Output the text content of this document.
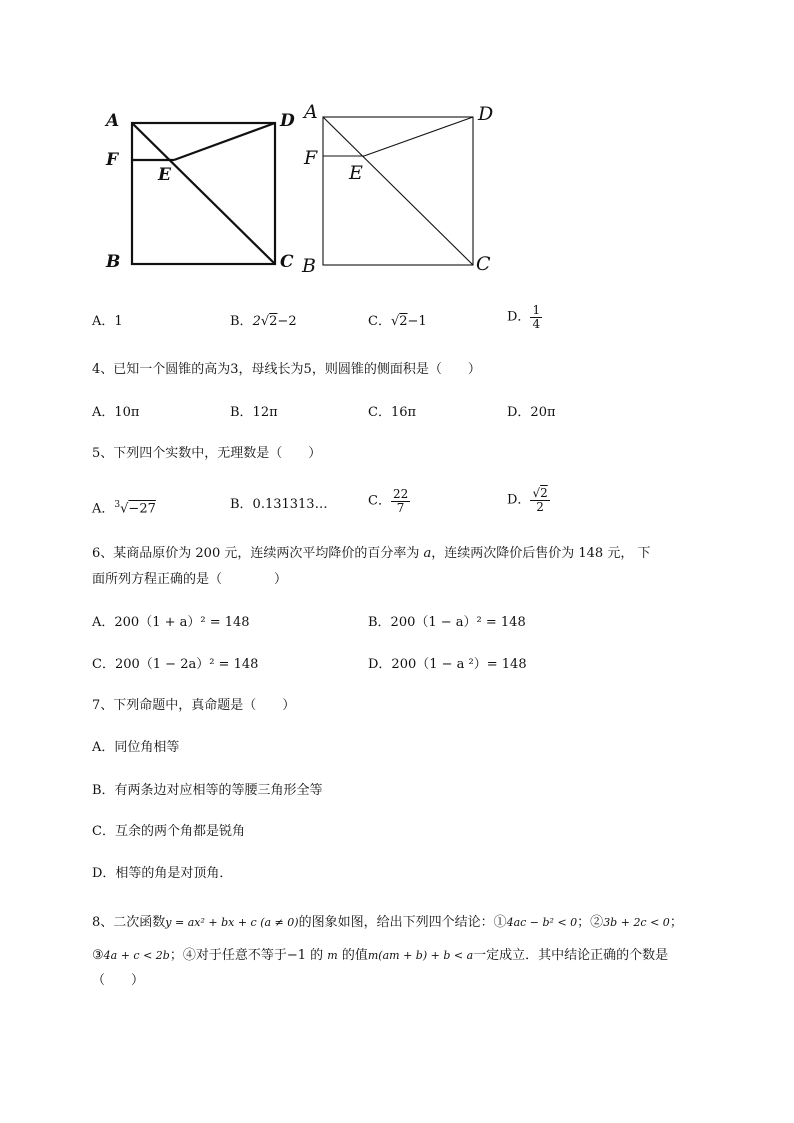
A	D
F
E
B	C
A	D
F
E
B	C
A．1	B．2√2−2	C．√2−1	D． $\frac{1}{4}$
4、已知一个圆锥的高为3，母线长为5，则圆锥的侧面积是（　　）
A．10π	B．12π	C．16π	D．20π
5、下列四个实数中，无理数是（　　）
A．$^3$√−27	B．0.131313…	C． $\frac{22}{7}$	D． $\frac{√2}{2}$
6、某商品原价为 200 元，连续两次平均降价的百分率为 a，连续两次降价后售价为 148 元， 下
面所列方程正确的是（　　　　）
A．200（1 + a）² = 148	B．200（1 − a）² = 148
C．200（1 − 2a）² = 148	D．200（1 − a ²）= 148
7、下列命题中，真命题是（　　）
A．同位角相等
B．有两条边对应相等的等腰三角形全等
C．互余的两个角都是锐角
D．相等的角是对顶角．
8、二次函数y = ax² + bx + c (a ≠ 0)的图象如图，给出下列四个结论：①4ac − b² < 0；②3b + 2c < 0；
③4a + c < 2b；④对于任意不等于−1 的 m 的值m(am + b) + b < a一定成立．其中结论正确的个数是
（　　）
